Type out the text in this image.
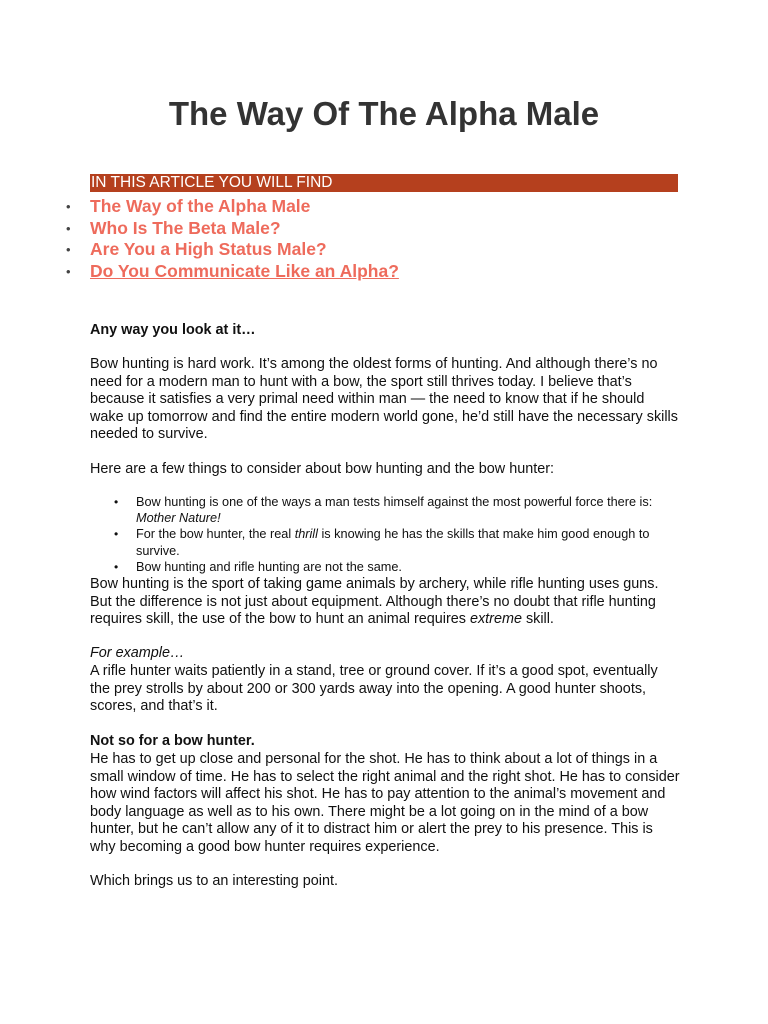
The Way Of The Alpha Male
IN THIS ARTICLE YOU WILL FIND
• The Way of the Alpha Male
• Who Is The Beta Male?
• Are You a High Status Male?
• Do You Communicate Like an Alpha?

Any way you look at it…

Bow hunting is hard work. It’s among the oldest forms of hunting. And although there’s no need for a modern man to hunt with a bow, the sport still thrives today. I believe that’s because it satisfies a very primal need within man — the need to know that if he should wake up tomorrow and find the entire modern world gone, he’d still have the necessary skills needed to survive.

Here are a few things to consider about bow hunting and the bow hunter:

• Bow hunting is one of the ways a man tests himself against the most powerful force there is: Mother Nature!
• For the bow hunter, the real thrill is knowing he has the skills that make him good enough to survive.
• Bow hunting and rifle hunting are not the same.

Bow hunting is the sport of taking game animals by archery, while rifle hunting uses guns. But the difference is not just about equipment. Although there’s no doubt that rifle hunting requires skill, the use of the bow to hunt an animal requires extreme skill.

For example…

A rifle hunter waits patiently in a stand, tree or ground cover. If it’s a good spot, eventually the prey strolls by about 200 or 300 yards away into the opening. A good hunter shoots, scores, and that’s it.

Not so for a bow hunter.

He has to get up close and personal for the shot. He has to think about a lot of things in a small window of time. He has to select the right animal and the right shot. He has to consider how wind factors will affect his shot. He has to pay attention to the animal’s movement and body language as well as to his own. There might be a lot going on in the mind of a bow hunter, but he can’t allow any of it to distract him or alert the prey to his presence. This is why becoming a good bow hunter requires experience.

Which brings us to an interesting point.
